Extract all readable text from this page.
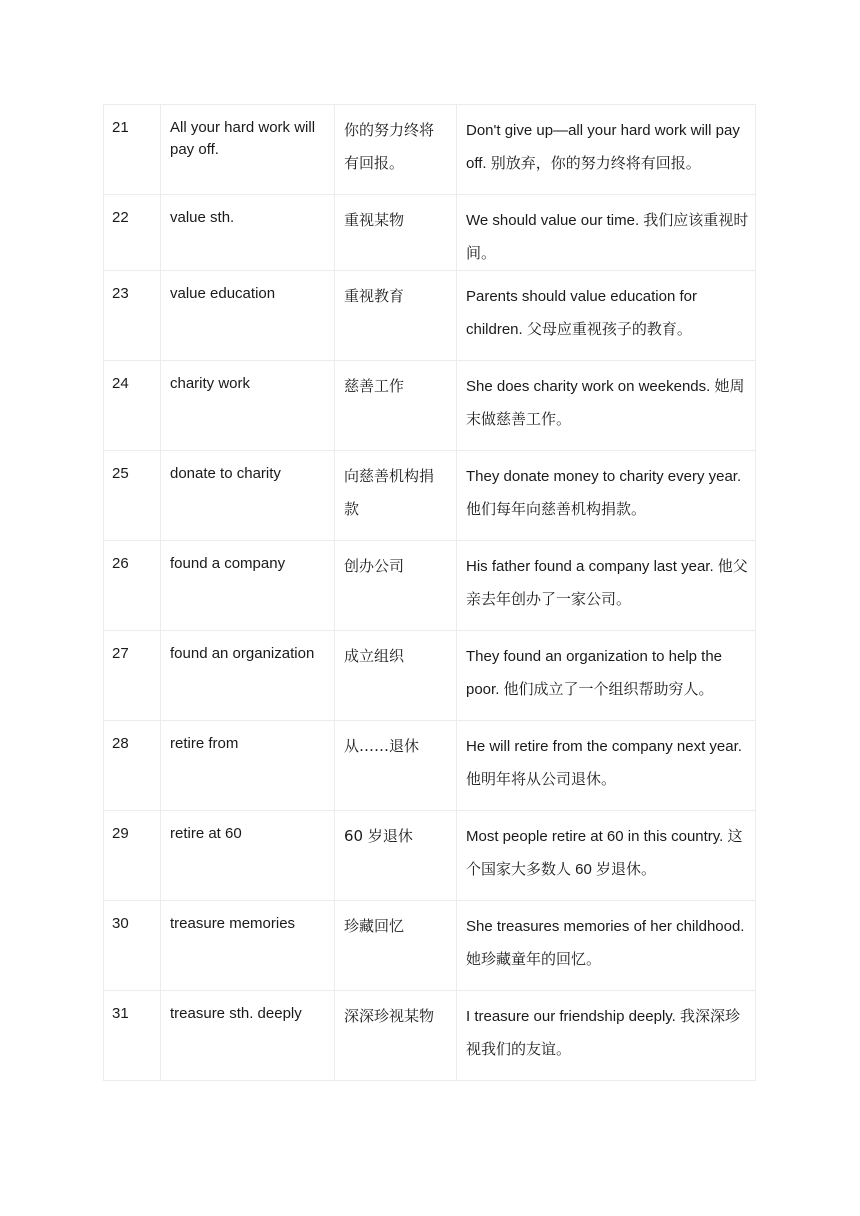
21	All your hard work will pay off.	你的努力终将有回报。	Don't give up—all your hard work will pay off. 别放弃，你的努力终将有回报。
22	value sth.	重视某物	We should value our time. 我们应该重视时间。
23	value education	重视教育	Parents should value education for children. 父母应重视孩子的教育。
24	charity work	慈善工作	She does charity work on weekends. 她周末做慈善工作。
25	donate to charity	向慈善机构捐款	They donate money to charity every year. 他们每年向慈善机构捐款。
26	found a company	创办公司	His father found a company last year. 他父亲去年创办了一家公司。
27	found an organization	成立组织	They found an organization to help the poor. 他们成立了一个组织帮助穷人。
28	retire from	从……退休	He will retire from the company next year. 他明年将从公司退休。
29	retire at 60	60 岁退休	Most people retire at 60 in this country. 这个国家大多数人 60 岁退休。
30	treasure memories	珍藏回忆	She treasures memories of her childhood. 她珍藏童年的回忆。
31	treasure sth. deeply	深深珍视某物	I treasure our friendship deeply. 我深深珍视我们的友谊。
